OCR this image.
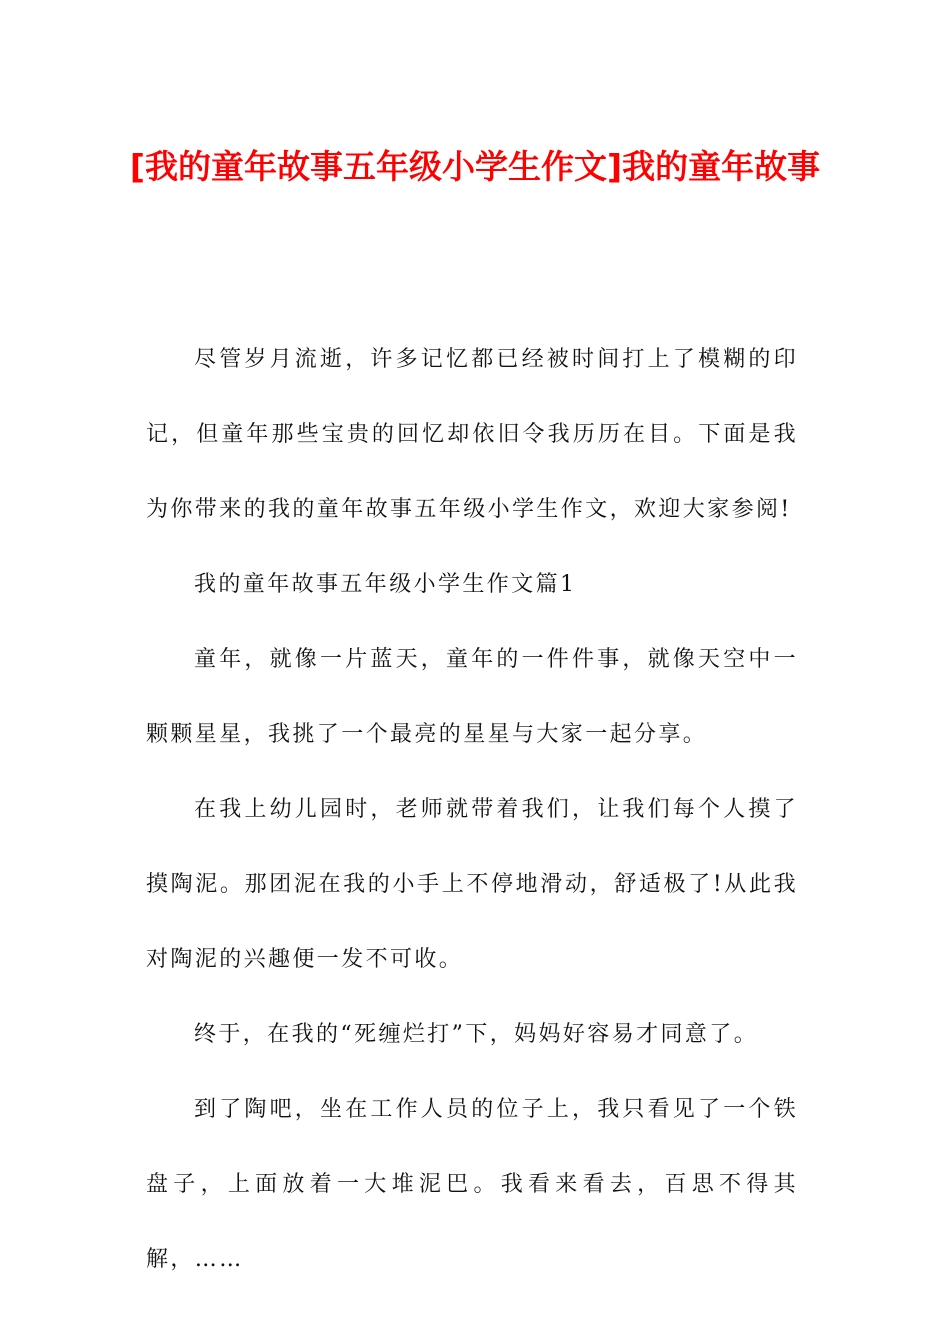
[我的童年故事五年级小学生作文]我的童年故事

尽管岁月流逝，许多记忆都已经被时间打上了模糊的印记，但童年那些宝贵的回忆却依旧令我历历在目。下面是我为你带来的我的童年故事五年级小学生作文，欢迎大家参阅!

我的童年故事五年级小学生作文篇1

童年，就像一片蓝天，童年的一件件事，就像天空中一颗颗星星，我挑了一个最亮的星星与大家一起分享。

在我上幼儿园时，老师就带着我们，让我们每个人摸了摸陶泥。那团泥在我的小手上不停地滑动，舒适极了!从此我对陶泥的兴趣便一发不可收。

终于，在我的“死缠烂打”下，妈妈好容易才同意了。

到了陶吧，坐在工作人员的位子上，我只看见了一个铁盘子，上面放着一大堆泥巴。我看来看去，百思不得其解，……
